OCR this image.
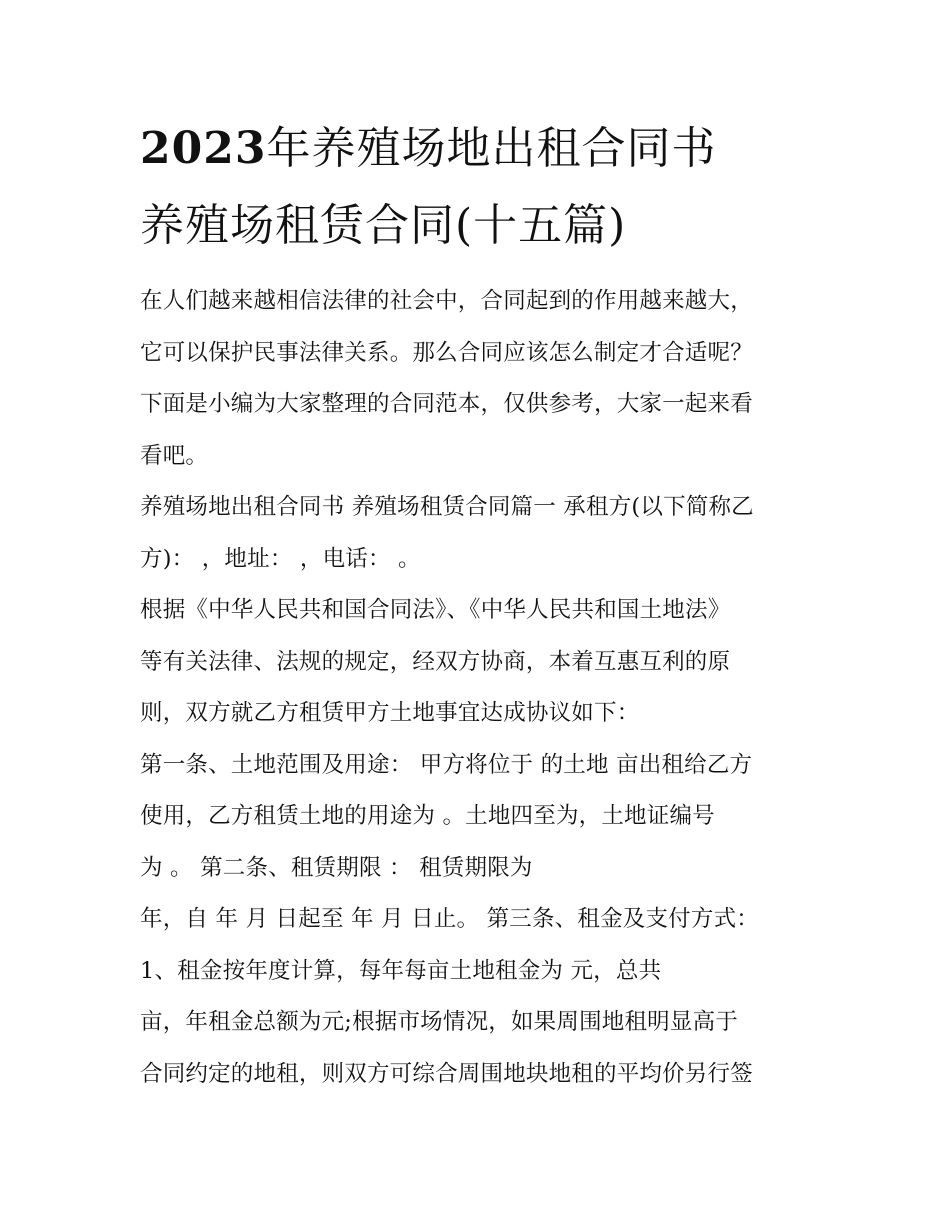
2023年养殖场地出租合同书
养殖场租赁合同(十五篇)
在人们越来越相信法律的社会中，合同起到的作用越来越大，
它可以保护民事法律关系。那么合同应该怎么制定才合适呢？
下面是小编为大家整理的合同范本，仅供参考，大家一起来看
看吧。
养殖场地出租合同书 养殖场租赁合同篇一 承租方(以下简称乙
方)： ，地址： ，电话： 。
根据《中华人民共和国合同法》、《中华人民共和国土地法》
等有关法律、法规的规定，经双方协商，本着互惠互利的原
则，双方就乙方租赁甲方土地事宜达成协议如下：
第一条、土地范围及用途： 甲方将位于 的土地 亩出租给乙方
使用，乙方租赁土地的用途为 。土地四至为，土地证编号
为 。 第二条、租赁期限 ： 租赁期限为
年，自 年 月 日起至 年 月 日止。 第三条、租金及支付方式：
1、租金按年度计算，每年每亩土地租金为 元，总共
亩，年租金总额为元;根据市场情况，如果周围地租明显高于
合同约定的地租，则双方可综合周围地块地租的平均价另行签
